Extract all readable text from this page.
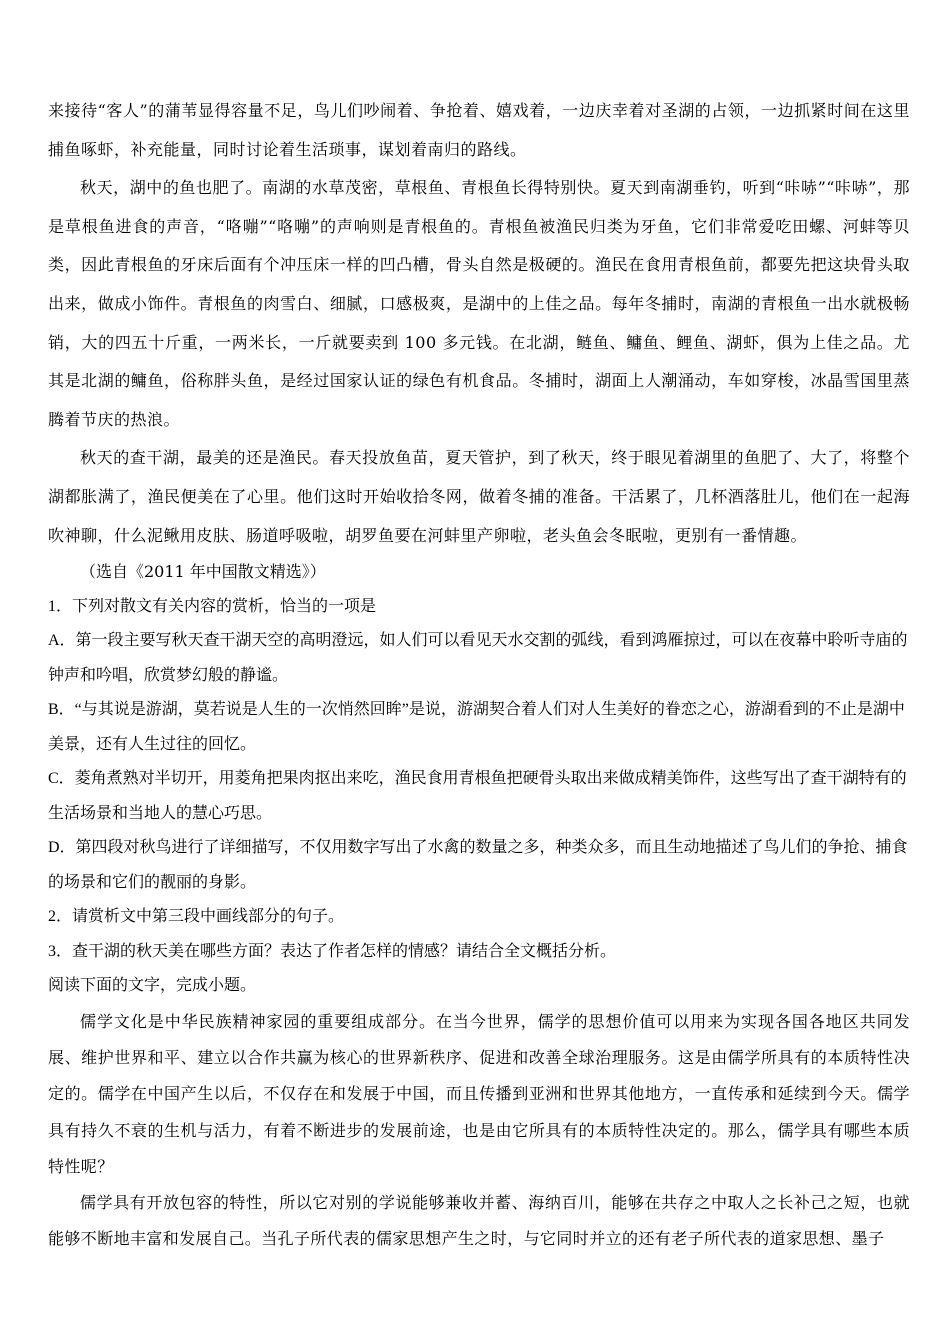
来接待“客人”的蒲苇显得容量不足，鸟儿们吵闹着、争抢着、嬉戏着，一边庆幸着对圣湖的占领，一边抓紧时间在这里捕鱼啄虾，补充能量，同时讨论着生活琐事，谋划着南归的路线。

秋天，湖中的鱼也肥了。南湖的水草茂密，草根鱼、青根鱼长得特别快。夏天到南湖垂钓，听到“咔哧”“咔哧”，那是草根鱼进食的声音，“咯嘣”“咯嘣”的声响则是青根鱼的。青根鱼被渔民归类为牙鱼，它们非常爱吃田螺、河蚌等贝类，因此青根鱼的牙床后面有个冲压床一样的凹凸槽，骨头自然是极硬的。渔民在食用青根鱼前，都要先把这块骨头取出来，做成小饰件。青根鱼的肉雪白、细腻，口感极爽，是湖中的上佳之品。每年冬捕时，南湖的青根鱼一出水就极畅销，大的四五十斤重，一两米长，一斤就要卖到 100 多元钱。在北湖，鲢鱼、鳙鱼、鲤鱼、湖虾，俱为上佳之品。尤其是北湖的鳙鱼，俗称胖头鱼，是经过国家认证的绿色有机食品。冬捕时，湖面上人潮涌动，车如穿梭，冰晶雪国里蒸腾着节庆的热浪。

秋天的查干湖，最美的还是渔民。春天投放鱼苗，夏天管护，到了秋天，终于眼见着湖里的鱼肥了、大了，将整个湖都胀满了，渔民便美在了心里。他们这时开始收拾冬网，做着冬捕的准备。干活累了，几杯酒落肚儿，他们在一起海吹神聊，什么泥鳅用皮肤、肠道呼吸啦，胡罗鱼要在河蚌里产卵啦，老头鱼会冬眠啦，更别有一番情趣。

（选自《2011 年中国散文精选》）

1．下列对散文有关内容的赏析，恰当的一项是

A．第一段主要写秋天查干湖天空的高明澄远，如人们可以看见天水交割的弧线，看到鸿雁掠过，可以在夜幕中聆听寺庙的钟声和吟唱，欣赏梦幻般的静谧。

B．“与其说是游湖，莫若说是人生的一次悄然回眸”是说，游湖契合着人们对人生美好的眷恋之心，游湖看到的不止是湖中美景，还有人生过往的回忆。

C．菱角煮熟对半切开，用菱角把果肉抠出来吃，渔民食用青根鱼把硬骨头取出来做成精美饰件，这些写出了查干湖特有的生活场景和当地人的慧心巧思。

D．第四段对秋鸟进行了详细描写，不仅用数字写出了水禽的数量之多，种类众多，而且生动地描述了鸟儿们的争抢、捕食的场景和它们的靓丽的身影。

2．请赏析文中第三段中画线部分的句子。

3．查干湖的秋天美在哪些方面？表达了作者怎样的情感？请结合全文概括分析。

阅读下面的文字，完成小题。

儒学文化是中华民族精神家园的重要组成部分。在当今世界，儒学的思想价值可以用来为实现各国各地区共同发展、维护世界和平、建立以合作共赢为核心的世界新秩序、促进和改善全球治理服务。这是由儒学所具有的本质特性决定的。儒学在中国产生以后，不仅存在和发展于中国，而且传播到亚洲和世界其他地方，一直传承和延续到今天。儒学具有持久不衰的生机与活力，有着不断进步的发展前途，也是由它所具有的本质特性决定的。那么，儒学具有哪些本质特性呢？

儒学具有开放包容的特性，所以它对别的学说能够兼收并蓄、海纳百川，能够在共存之中取人之长补己之短，也就能够不断地丰富和发展自己。当孔子所代表的儒家思想产生之时，与它同时并立的还有老子所代表的道家思想、墨子
